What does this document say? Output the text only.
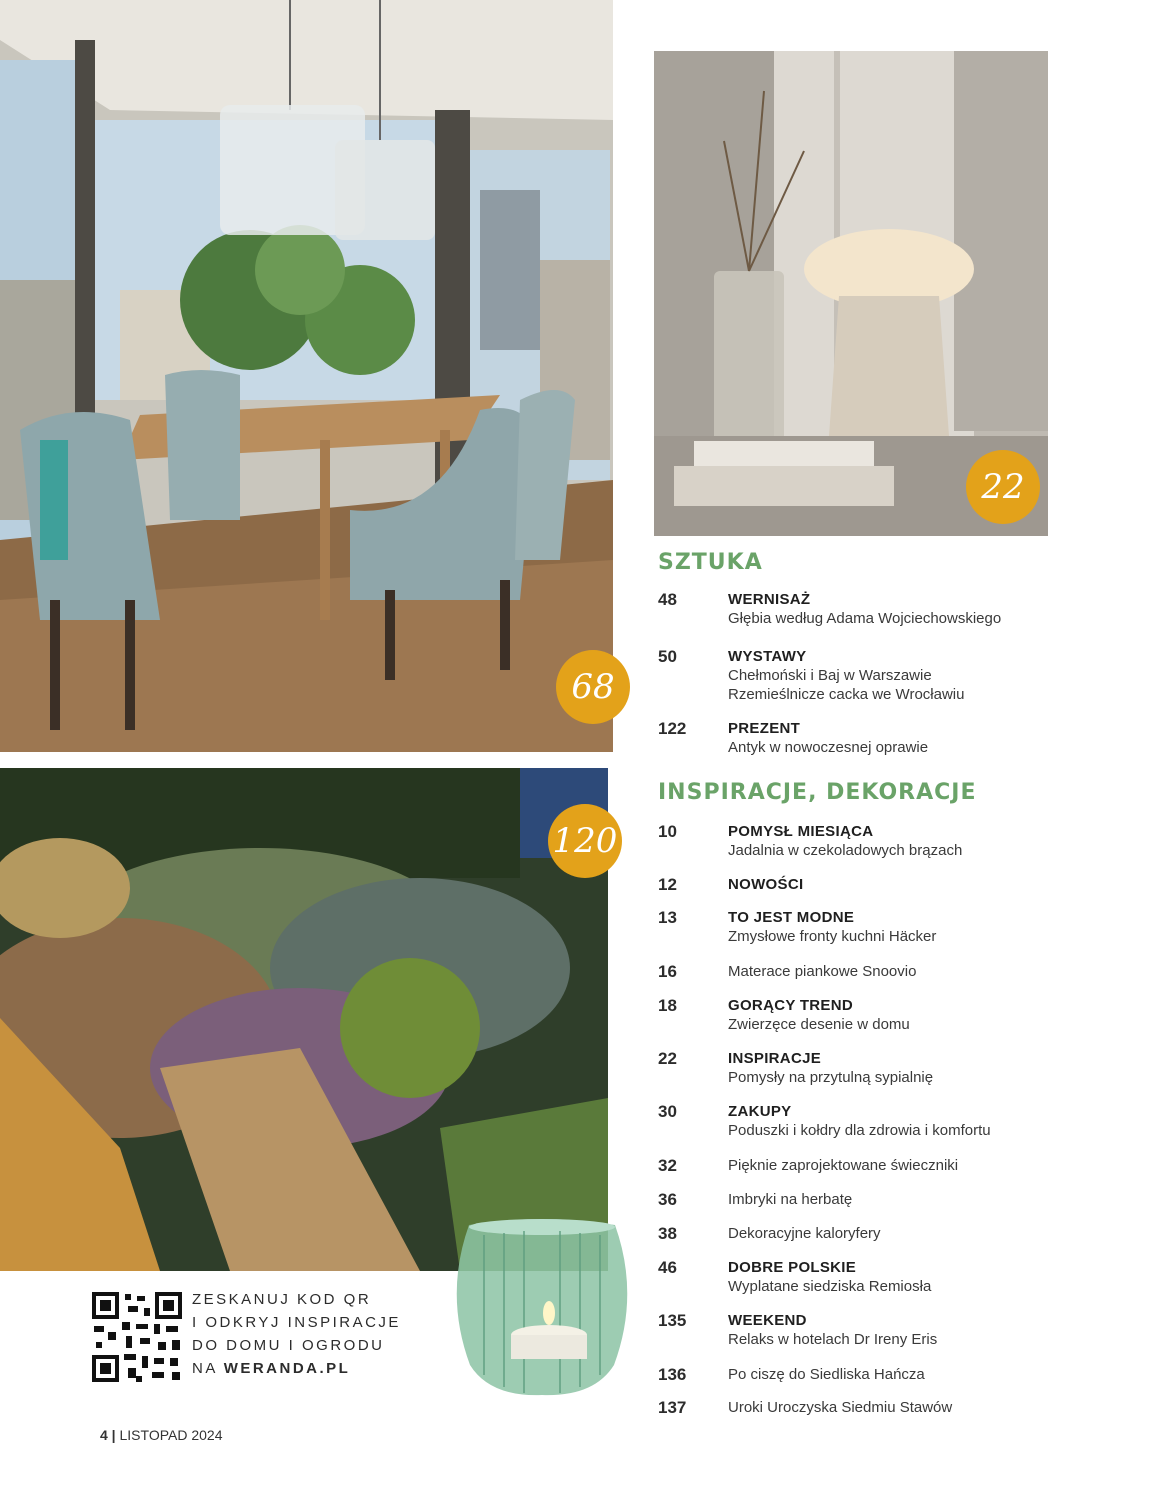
68
22
120
SZTUKA
48	WERNISAŻ
Głębia według Adama Wojciechowskiego
50	WYSTAWY
Chełmoński i Baj w Warszawie
Rzemieślnicze cacka we Wrocławiu
122	PREZENT
Antyk w nowoczesnej oprawie
INSPIRACJE, DEKORACJE
10	POMYSŁ MIESIĄCA
Jadalnia w czekoladowych brązach
12	NOWOŚCI
13	TO JEST MODNE
Zmysłowe fronty kuchni Häcker
16	Materace piankowe Snoovio
18	GORĄCY TREND
Zwierzęce desenie w domu
22	INSPIRACJE
Pomysły na przytulną sypialnię
30	ZAKUPY
Poduszki i kołdry dla zdrowia i komfortu
32	Pięknie zaprojektowane świeczniki
36	Imbryki na herbatę
38	Dekoracyjne kaloryfery
46	DOBRE POLSKIE
Wyplatane siedziska Remiosła
135	WEEKEND
Relaks w hotelach Dr Ireny Eris
136	Po ciszę do Siedliska Hańcza
137	Uroki Uroczyska Siedmiu Stawów
ZESKANUJ KOD QR
I ODKRYJ INSPIRACJE
DO DOMU I OGRODU
NA WERANDA.PL
4 | LISTOPAD 2024
